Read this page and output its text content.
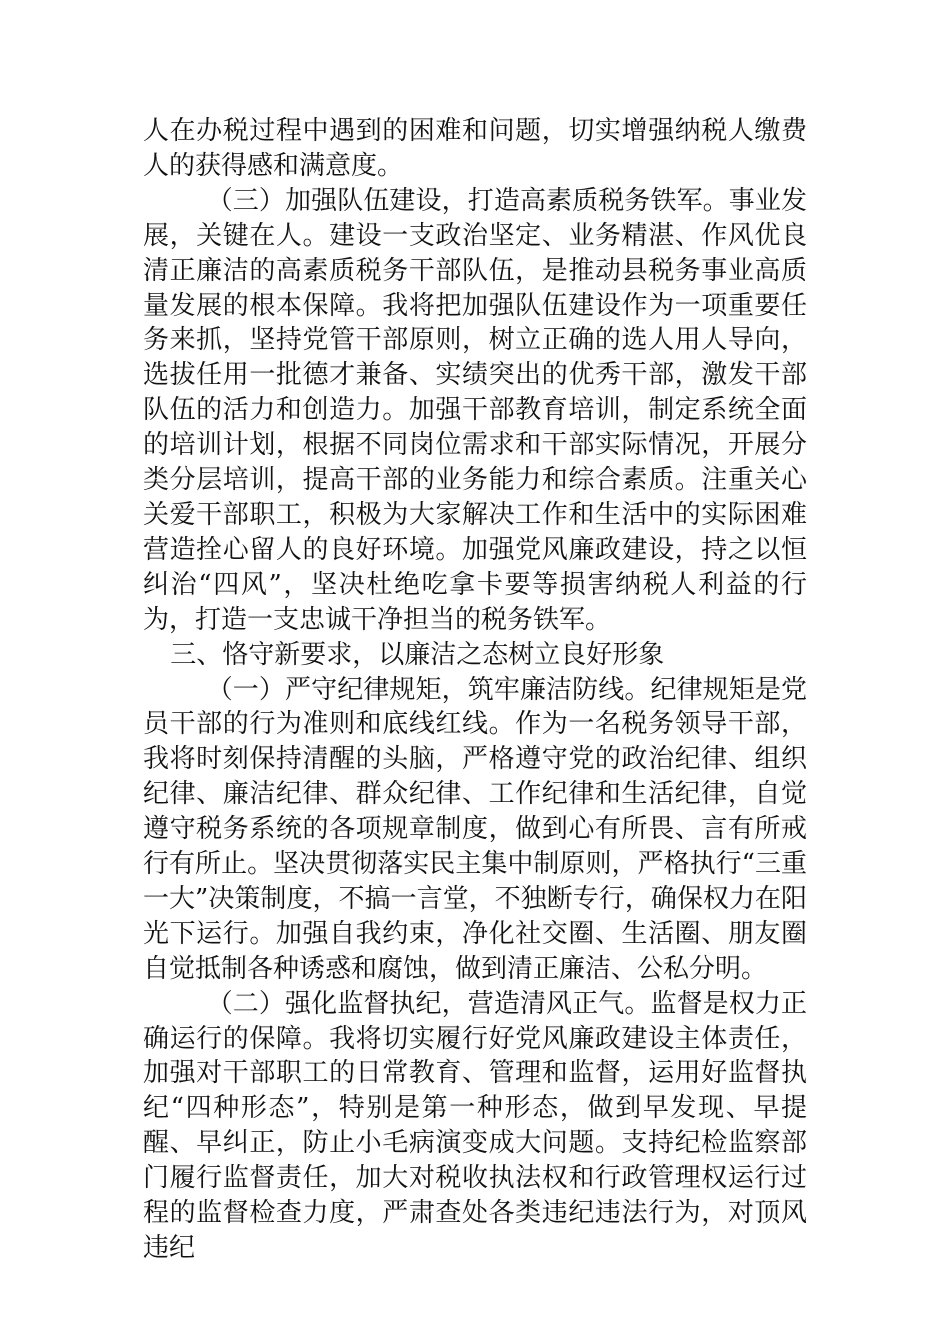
人在办税过程中遇到的困难和问题，切实增强纳税人缴费人的获得感和满意度。

（三）加强队伍建设，打造高素质税务铁军。事业发展，关键在人。建设一支政治坚定、业务精湛、作风优良清正廉洁的高素质税务干部队伍，是推动县税务事业高质量发展的根本保障。我将把加强队伍建设作为一项重要任务来抓，坚持党管干部原则，树立正确的选人用人导向，选拔任用一批德才兼备、实绩突出的优秀干部，激发干部队伍的活力和创造力。加强干部教育培训，制定系统全面的培训计划，根据不同岗位需求和干部实际情况，开展分类分层培训，提高干部的业务能力和综合素质。注重关心关爱干部职工，积极为大家解决工作和生活中的实际困难营造拴心留人的良好环境。加强党风廉政建设，持之以恒纠治“四风”，坚决杜绝吃拿卡要等损害纳税人利益的行为，打造一支忠诚干净担当的税务铁军。

三、恪守新要求，以廉洁之态树立良好形象

（一）严守纪律规矩，筑牢廉洁防线。纪律规矩是党员干部的行为准则和底线红线。作为一名税务领导干部，我将时刻保持清醒的头脑，严格遵守党的政治纪律、组织纪律、廉洁纪律、群众纪律、工作纪律和生活纪律，自觉遵守税务系统的各项规章制度，做到心有所畏、言有所戒行有所止。坚决贯彻落实民主集中制原则，严格执行“三重一大”决策制度，不搞一言堂，不独断专行，确保权力在阳光下运行。加强自我约束，净化社交圈、生活圈、朋友圈自觉抵制各种诱惑和腐蚀，做到清正廉洁、公私分明。

（二）强化监督执纪，营造清风正气。监督是权力正确运行的保障。我将切实履行好党风廉政建设主体责任，加强对干部职工的日常教育、管理和监督，运用好监督执纪“四种形态”，特别是第一种形态，做到早发现、早提醒、早纠正，防止小毛病演变成大问题。支持纪检监察部门履行监督责任，加大对税收执法权和行政管理权运行过程的监督检查力度，严肃查处各类违纪违法行为，对顶风违纪
